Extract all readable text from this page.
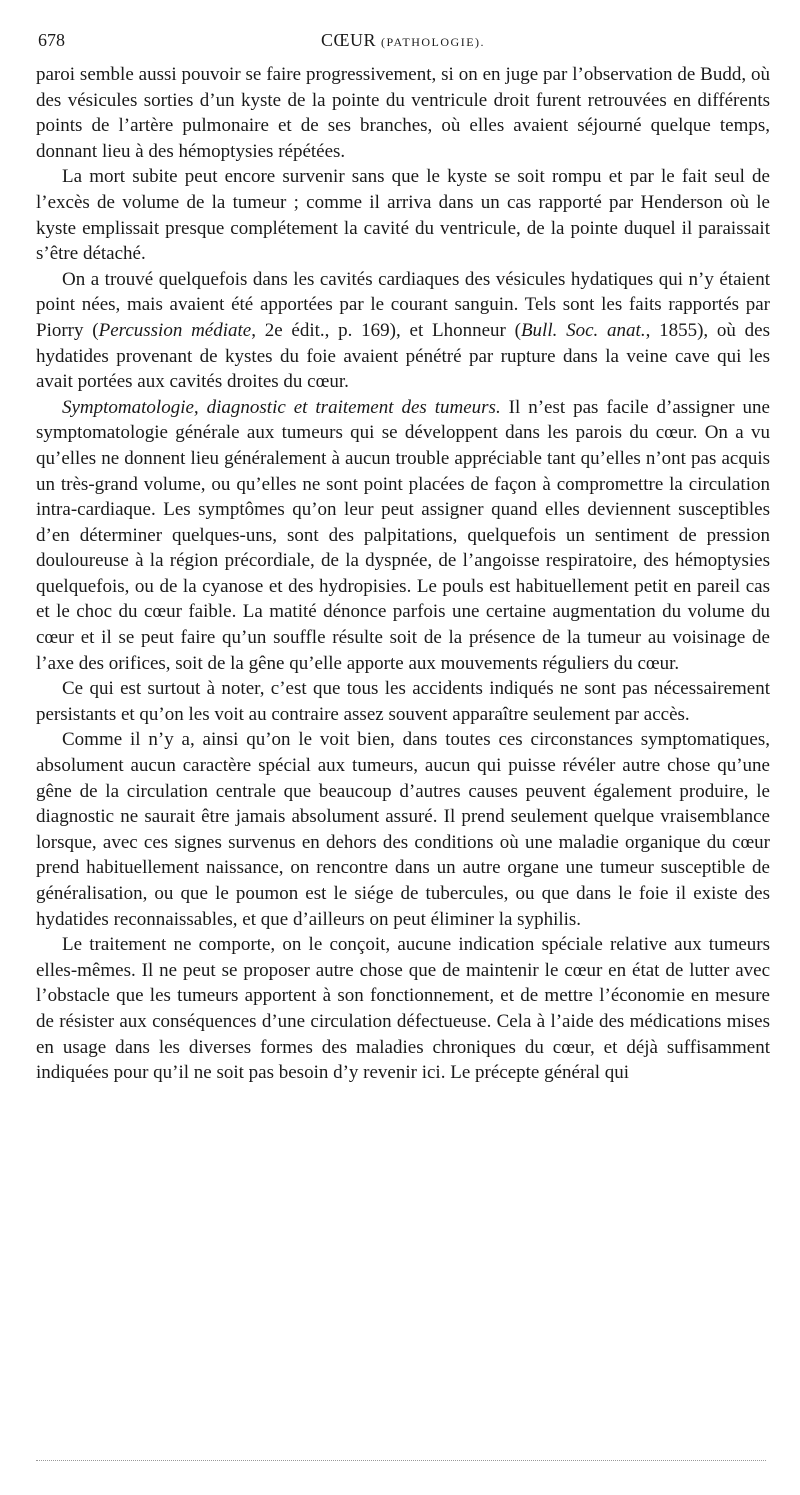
678	CŒUR (PATHOLOGIE).

paroi semble aussi pouvoir se faire progressivement, si on en juge par l’observation de Budd, où des vésicules sorties d’un kyste de la pointe du ventricule droit furent retrouvées en différents points de l’artère pulmonaire et de ses branches, où elles avaient séjourné quelque temps, donnant lieu à des hémoptysies répétées.

La mort subite peut encore survenir sans que le kyste se soit rompu et par le fait seul de l’excès de volume de la tumeur ; comme il arriva dans un cas rapporté par Henderson où le kyste emplissait presque complétement la cavité du ventricule, de la pointe duquel il paraissait s’être détaché.

On a trouvé quelquefois dans les cavités cardiaques des vésicules hydatiques qui n’y étaient point nées, mais avaient été apportées par le courant sanguin. Tels sont les faits rapportés par Piorry (Percussion médiate, 2e édit., p. 169), et Lhonneur (Bull. Soc. anat., 1855), où des hydatides provenant de kystes du foie avaient pénétré par rupture dans la veine cave qui les avait portées aux cavités droites du cœur.

Symptomatologie, diagnostic et traitement des tumeurs. Il n’est pas facile d’assigner une symptomatologie générale aux tumeurs qui se développent dans les parois du cœur. On a vu qu’elles ne donnent lieu généralement à aucun trouble appréciable tant qu’elles n’ont pas acquis un très-grand volume, ou qu’elles ne sont point placées de façon à compromettre la circulation intra-cardiaque. Les symptômes qu’on leur peut assigner quand elles deviennent susceptibles d’en déterminer quelques-uns, sont des palpitations, quelquefois un sentiment de pression douloureuse à la région précordiale, de la dyspnée, de l’angoisse respiratoire, des hémoptysies quelquefois, ou de la cyanose et des hydropisies. Le pouls est habituellement petit en pareil cas et le choc du cœur faible. La matité dénonce parfois une certaine augmentation du volume du cœur et il se peut faire qu’un souffle résulte soit de la présence de la tumeur au voisinage de l’axe des orifices, soit de la gêne qu’elle apporte aux mouvements réguliers du cœur.

Ce qui est surtout à noter, c’est que tous les accidents indiqués ne sont pas nécessairement persistants et qu’on les voit au contraire assez souvent apparaître seulement par accès.

Comme il n’y a, ainsi qu’on le voit bien, dans toutes ces circonstances symptomatiques, absolument aucun caractère spécial aux tumeurs, aucun qui puisse révéler autre chose qu’une gêne de la circulation centrale que beaucoup d’autres causes peuvent également produire, le diagnostic ne saurait être jamais absolument assuré. Il prend seulement quelque vraisemblance lorsque, avec ces signes survenus en dehors des conditions où une maladie organique du cœur prend habituellement naissance, on rencontre dans un autre organe une tumeur susceptible de généralisation, ou que le poumon est le siége de tubercules, ou que dans le foie il existe des hydatides reconnaissables, et que d’ailleurs on peut éliminer la syphilis.

Le traitement ne comporte, on le conçoit, aucune indication spéciale relative aux tumeurs elles-mêmes. Il ne peut se proposer autre chose que de maintenir le cœur en état de lutter avec l’obstacle que les tumeurs apportent à son fonctionnement, et de mettre l’économie en mesure de résister aux conséquences d’une circulation défectueuse. Cela à l’aide des médications mises en usage dans les diverses formes des maladies chroniques du cœur, et déjà suffisamment indiquées pour qu’il ne soit pas besoin d’y revenir ici. Le précepte général qui
